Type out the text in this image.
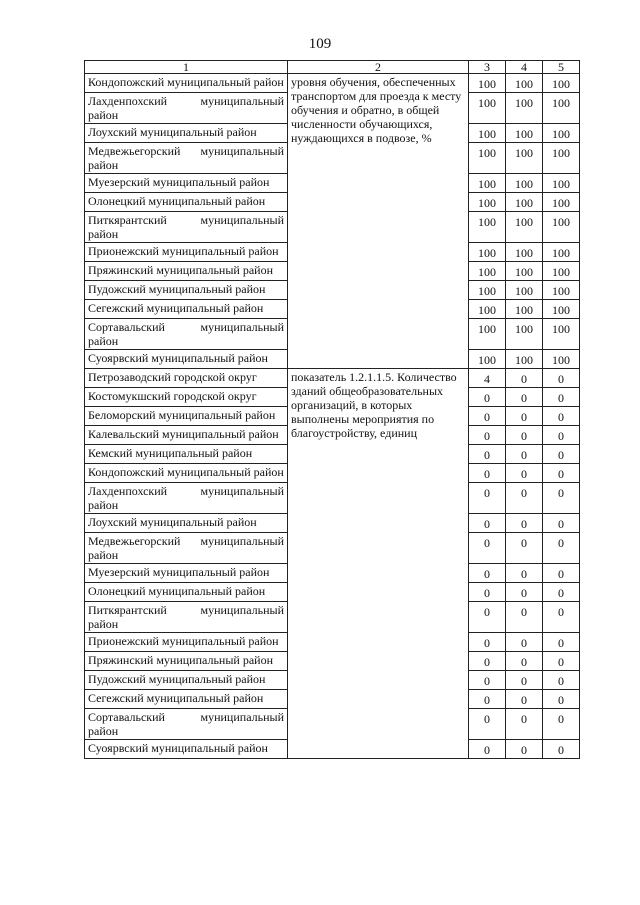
109
1	2	3	4	5
Кондопожский муниципальный район	уровня обучения, обеспеченных транспортом для проезда к месту обучения и обратно, в общей численности обучающихся, нуждающихся в подвозе, %	100	100	100
Лахденпохский муниципальный район		100	100	100
Лоухский муниципальный район		100	100	100
Медвежьегорский муниципальный район		100	100	100
Муезерский муниципальный район		100	100	100
Олонецкий муниципальный район		100	100	100
Питкярантский муниципальный район		100	100	100
Прионежский муниципальный район		100	100	100
Пряжинский муниципальный район		100	100	100
Пудожский муниципальный район		100	100	100
Сегежский муниципальный район		100	100	100
Сортавальский муниципальный район		100	100	100
Суоярвский муниципальный район		100	100	100
Петрозаводский городской округ	показатель 1.2.1.1.5. Количество зданий общеобразовательных организаций, в которых выполнены мероприятия по благоустройству, единиц	4	0	0
Костомукшский городской округ		0	0	0
Беломорский муниципальный район		0	0	0
Калевальский муниципальный район		0	0	0
Кемский муниципальный район		0	0	0
Кондопожский муниципальный район		0	0	0
Лахденпохский муниципальный район		0	0	0
Лоухский муниципальный район		0	0	0
Медвежьегорский муниципальный район		0	0	0
Муезерский муниципальный район		0	0	0
Олонецкий муниципальный район		0	0	0
Питкярантский муниципальный район		0	0	0
Прионежский муниципальный район		0	0	0
Пряжинский муниципальный район		0	0	0
Пудожский муниципальный район		0	0	0
Сегежский муниципальный район		0	0	0
Сортавальский муниципальный район		0	0	0
Суоярвский муниципальный район		0	0	0
